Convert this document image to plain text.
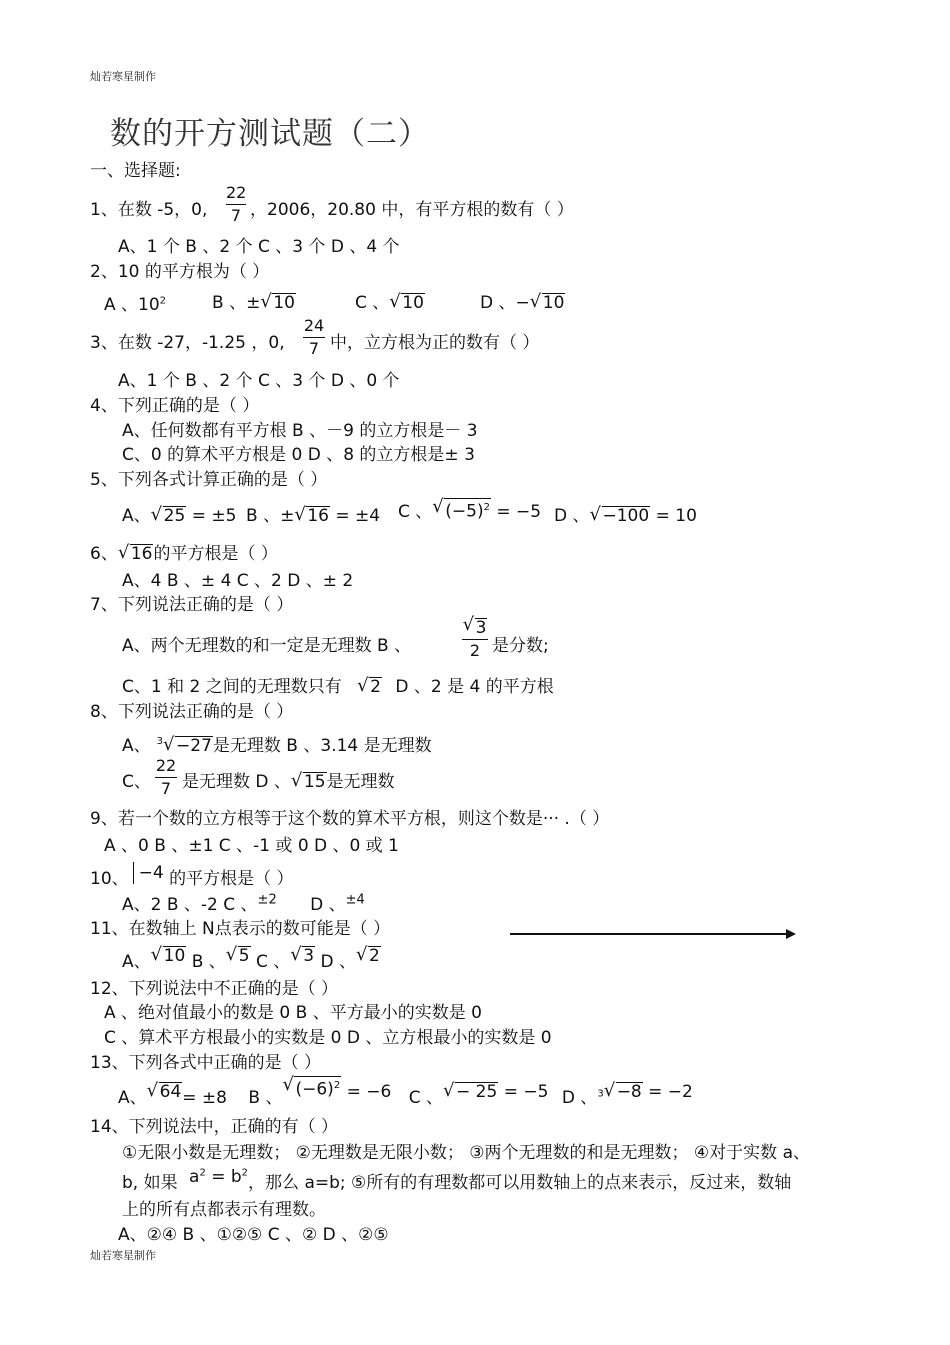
灿若寒星制作
灿若寒星制作
数的开方测试题（二）
一、选择题:
1、在数 -5，0,
22
7 ，2006，20.80 中，有平方根的数有（ ）
A、1 个 B 、2 个 C 、3 个 D 、4 个
2、10 的平方根为（ ）
A 、$10^2$	B 、± √ 10	C 、 √ 10	D 、− √ 10
3、在数 -27，-1.25 ，0,
24
7 中，立方根为正的数有（ ）
A、1 个 B 、2 个 C 、3 个 D 、0 个
4、下列正确的是（ ）
A、任何数都有平方根 B 、－9 的立方根是－ 3
C、0 的算术平方根是 0 D 、8 的立方根是± 3
5、下列各式计算正确的是（ ）
A、 √ 25 = ±5 B 、± √ 16 = ±4 C 、 √ $(-5)^2 = -5$ D 、 √ −100 = 10
6、 √ 16的平方根是（ ）
A、4 B 、± 4 C 、2 D 、± 2
7、下列说法正确的是（ ）
A、两个无理数的和一定是无理数 B 、
√ 3
2 是分数;
C、1 和 2 之间的无理数只有 √ 2 D 、2 是 4 的平方根
8、下列说法正确的是（ ）
A、 $^3$ √ −27是无理数 B 、3.14 是无理数
C、
22
7 是无理数 D 、 √ 15是无理数
9、若一个数的立方根等于这个数的算术平方根，则这个数是··· .（ ）
A 、0 B 、±1 C 、-1 或 0 D 、0 或 1
10、 −4 的平方根是（ ）
A、2 B 、-2 C 、$^{\pm 2}$ D 、$^{\pm 4}$
11、在数轴上 N点表示的数可能是（ ）
A、 √ 10 B 、 √ 5 C 、 √ 3 D 、 √ 2
12、下列说法中不正确的是（ ）
A 、绝对值最小的数是 0 B 、平方最小的实数是 0
C 、算术平方根最小的实数是 0 D 、立方根最小的实数是 0
13、下列各式中正确的是（ ）
A、 √ 64= ±8 B 、
√ $(-6)^2 = -6$ C 、 √ − 25 = −5 D 、$^3$ √ −8 = −2
14、下列说法中，正确的有（ ）
①无限小数是无理数； ②无理数是无限小数； ③两个无理数的和是无理数； ④对于实数 a、
b, 如果 $a^2 = b^2$，那么 a=b; ⑤所有的有理数都可以用数轴上的点来表示，反过来，数轴
上的所有点都表示有理数。
A、②④ B 、①②⑤ C 、② D 、②⑤
